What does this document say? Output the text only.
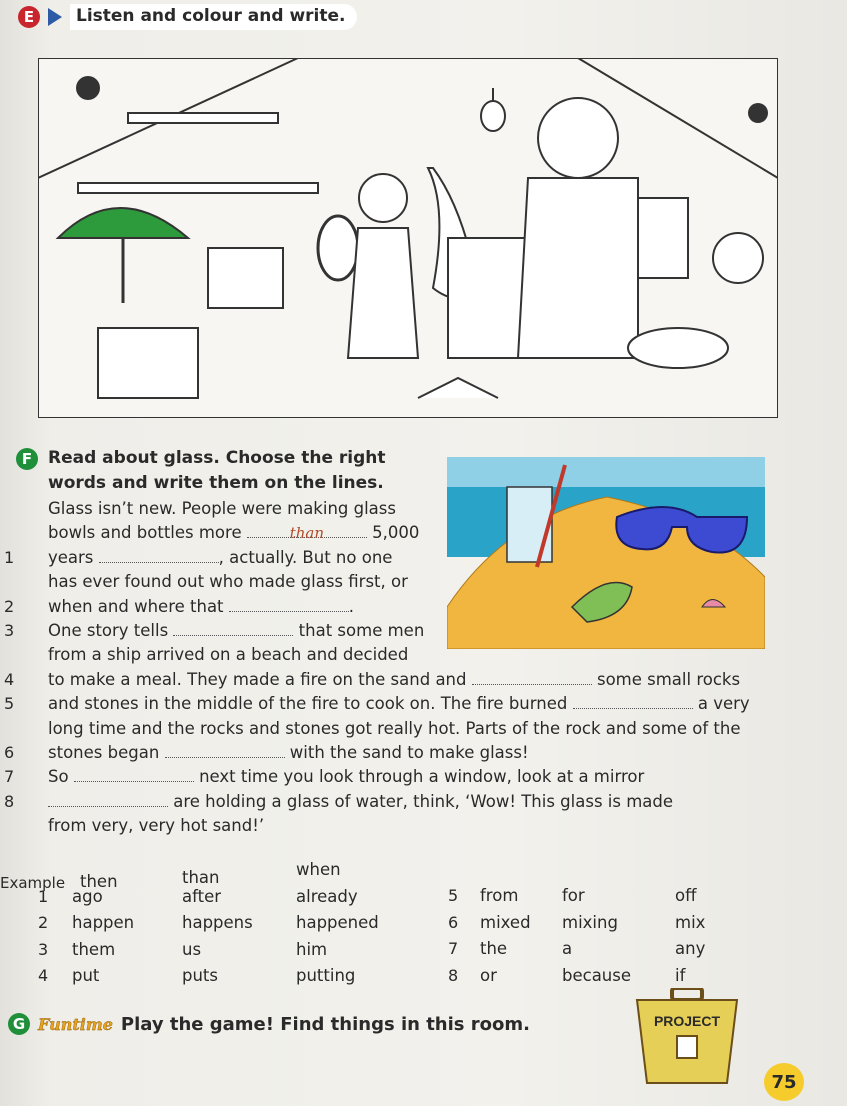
E	Listen and colour and write.
F Read about glass. Choose the right
words and write them on the lines.
Glass isn’t new. People were making glass
bowls and bottles more	than	5,000
1	years	, actually. But no one
has ever found out who made glass first, or
2	when and where that	.
3	One story tells	that some men
from a ship arrived on a beach and decided
4	to make a meal. They made a fire on the sand and	some small rocks
5	and stones in the middle of the fire to cook on. The fire burned	a very
long time and the rocks and stones got really hot. Parts of the rock and some of the
6	stones began	with the sand to make glass!
7	So	next time you look through a window, look at a mirror
8	are holding a glass of water, think, ‘Wow! This glass is made
from very, very hot sand!’
Example then	than	when
1 ago	after	already
2 happen	happens	happened
3 them	us	him
4 put	puts	putting
5 from	for	off
6 mixed mixing	mix
7 the	a	any
8 or	because	if
G Funtime Play the game! Find things in this room.	PROJECT
75
